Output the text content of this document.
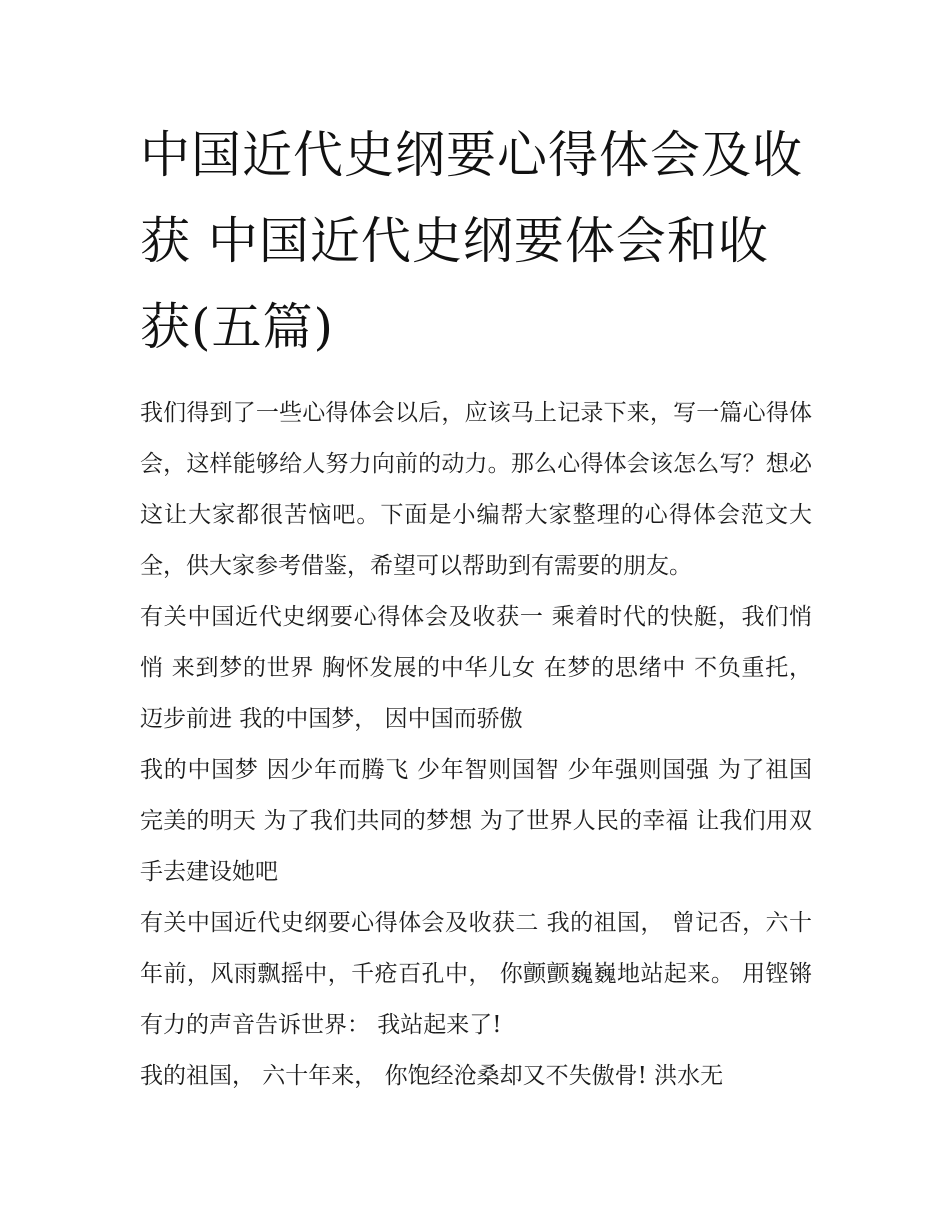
中国近代史纲要心得体会及收获 中国近代史纲要体会和收获(五篇)

我们得到了一些心得体会以后，应该马上记录下来，写一篇心得体会，这样能够给人努力向前的动力。那么心得体会该怎么写？想必这让大家都很苦恼吧。下面是小编帮大家整理的心得体会范文大全，供大家参考借鉴，希望可以帮助到有需要的朋友。

有关中国近代史纲要心得体会及收获一 乘着时代的快艇，我们悄悄 来到梦的世界 胸怀发展的中华儿女 在梦的思绪中 不负重托，迈步前进 我的中国梦， 因中国而骄傲

我的中国梦 因少年而腾飞 少年智则国智 少年强则国强 为了祖国完美的明天 为了我们共同的梦想 为了世界人民的幸福 让我们用双手去建设她吧

有关中国近代史纲要心得体会及收获二 我的祖国， 曾记否，六十年前，风雨飘摇中，千疮百孔中， 你颤颤巍巍地站起来。 用铿锵有力的声音告诉世界： 我站起来了!

我的祖国， 六十年来， 你饱经沧桑却又不失傲骨! 洪水无
